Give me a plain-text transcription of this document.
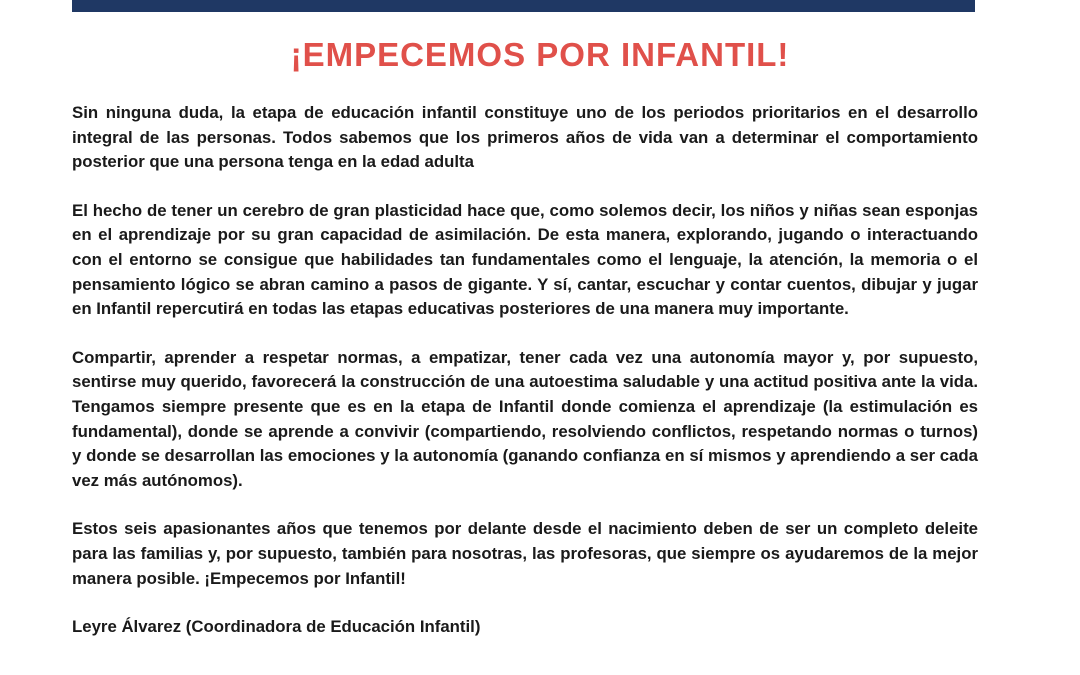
¡EMPECEMOS POR INFANTIL!

Sin ninguna duda, la etapa de educación infantil constituye uno de los periodos prioritarios en el desarrollo integral de las personas. Todos sabemos que los primeros años de vida van a determinar el comportamiento posterior que una persona tenga en la edad adulta

El hecho de tener un cerebro de gran plasticidad hace que, como solemos decir, los niños y niñas sean esponjas en el aprendizaje por su gran capacidad de asimilación. De esta manera, explorando, jugando o interactuando con el entorno se consigue que habilidades tan fundamentales como el lenguaje, la atención, la memoria o el pensamiento lógico se abran camino a pasos de gigante. Y sí, cantar, escuchar y contar cuentos, dibujar y jugar en Infantil repercutirá en todas las etapas educativas posteriores de una manera muy importante.

Compartir, aprender a respetar normas, a empatizar, tener cada vez una autonomía mayor y, por supuesto, sentirse muy querido, favorecerá la construcción de una autoestima saludable y una actitud positiva ante la vida. Tengamos siempre presente que es en la etapa de Infantil donde comienza el aprendizaje (la estimulación es fundamental), donde se aprende a convivir (compartiendo, resolviendo conflictos, respetando normas o turnos) y donde se desarrollan las emociones y la autonomía (ganando confianza en sí mismos y aprendiendo a ser cada vez más autónomos).

Estos seis apasionantes años que tenemos por delante desde el nacimiento deben de ser un completo deleite para las familias y, por supuesto, también para nosotras, las profesoras, que siempre os ayudaremos de la mejor manera posible. ¡Empecemos por Infantil!

Leyre Álvarez (Coordinadora de Educación Infantil)
